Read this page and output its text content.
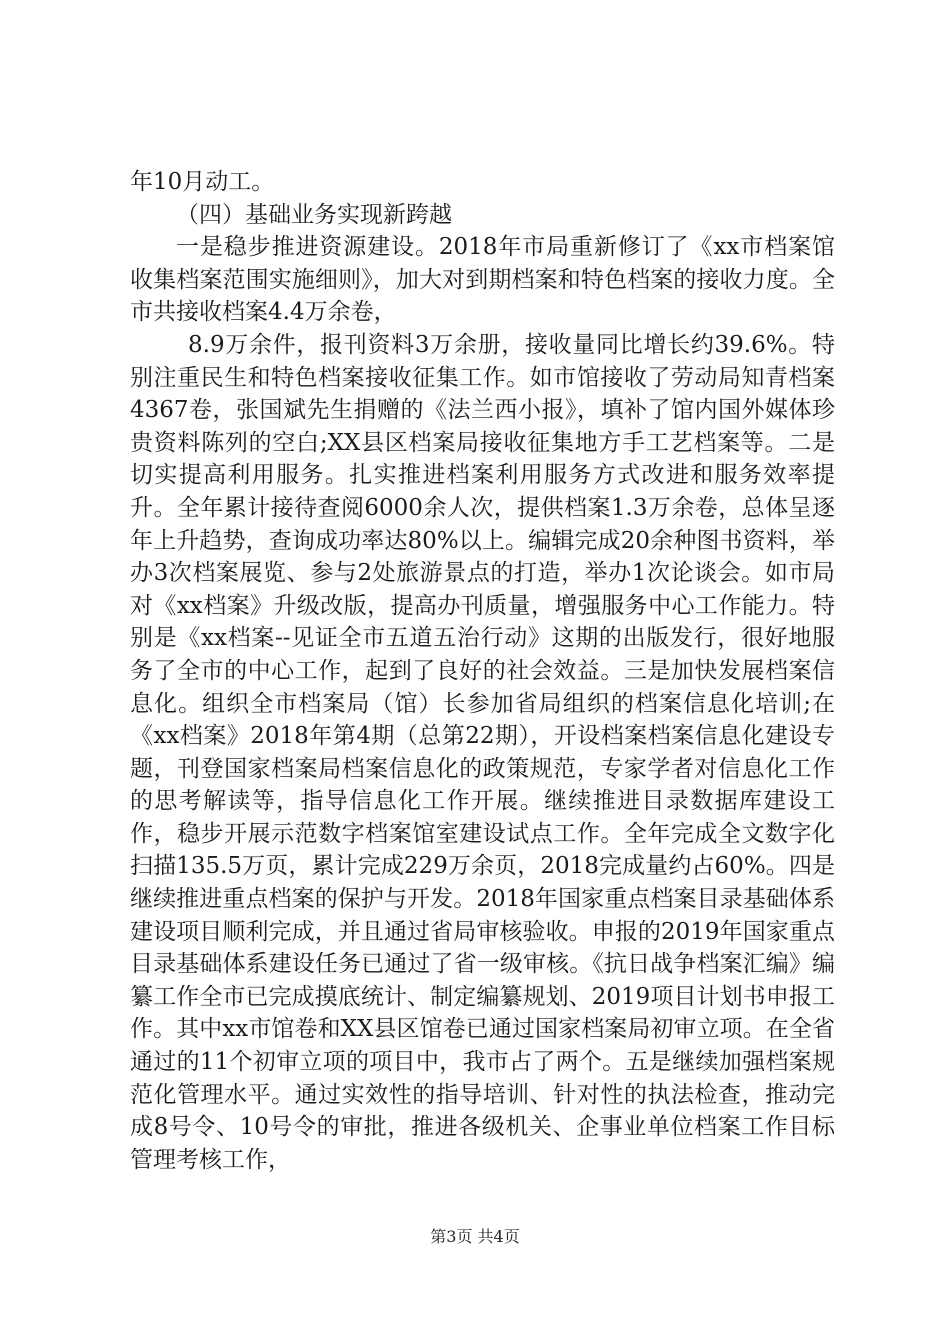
年10月动工。

（四）基础业务实现新跨越

一是稳步推进资源建设。2018年市局重新修订了《xx市档案馆收集档案范围实施细则》，加大对到期档案和特色档案的接收力度。全市共接收档案4.4万余卷，

8.9万余件，报刊资料3万余册，接收量同比增长约39.6%。特别注重民生和特色档案接收征集工作。如市馆接收了劳动局知青档案4367卷，张国斌先生捐赠的《法兰西小报》，填补了馆内国外媒体珍贵资料陈列的空白;XX县区档案局接收征集地方手工艺档案等。二是切实提高利用服务。扎实推进档案利用服务方式改进和服务效率提升。全年累计接待查阅6000余人次，提供档案1.3万余卷，总体呈逐年上升趋势，查询成功率达80%以上。编辑完成20余种图书资料，举办3次档案展览、参与2处旅游景点的打造，举办1次论谈会。如市局对《xx档案》升级改版，提高办刊质量，增强服务中心工作能力。特别是《xx档案--见证全市五道五治行动》这期的出版发行，很好地服务了全市的中心工作，起到了良好的社会效益。三是加快发展档案信息化。组织全市档案局（馆）长参加省局组织的档案信息化培训;在《xx档案》2018年第4期（总第22期），开设档案档案信息化建设专题，刊登国家档案局档案信息化的政策规范，专家学者对信息化工作的思考解读等，指导信息化工作开展。继续推进目录数据库建设工作，稳步开展示范数字档案馆室建设试点工作。全年完成全文数字化扫描135.5万页，累计完成229万余页，2018完成量约占60%。四是继续推进重点档案的保护与开发。2018年国家重点档案目录基础体系建设项目顺利完成，并且通过省局审核验收。申报的2019年国家重点目录基础体系建设任务已通过了省一级审核。《抗日战争档案汇编》编纂工作全市已完成摸底统计、制定编纂规划、2019项目计划书申报工作。其中xx市馆卷和XX县区馆卷已通过国家档案局初审立项。在全省通过的11个初审立项的项目中，我市占了两个。五是继续加强档案规范化管理水平。通过实效性的指导培训、针对性的执法检查，推动完成8号令、10号令的审批，推进各级机关、企事业单位档案工作目标管理考核工作，

第3页 共4页
